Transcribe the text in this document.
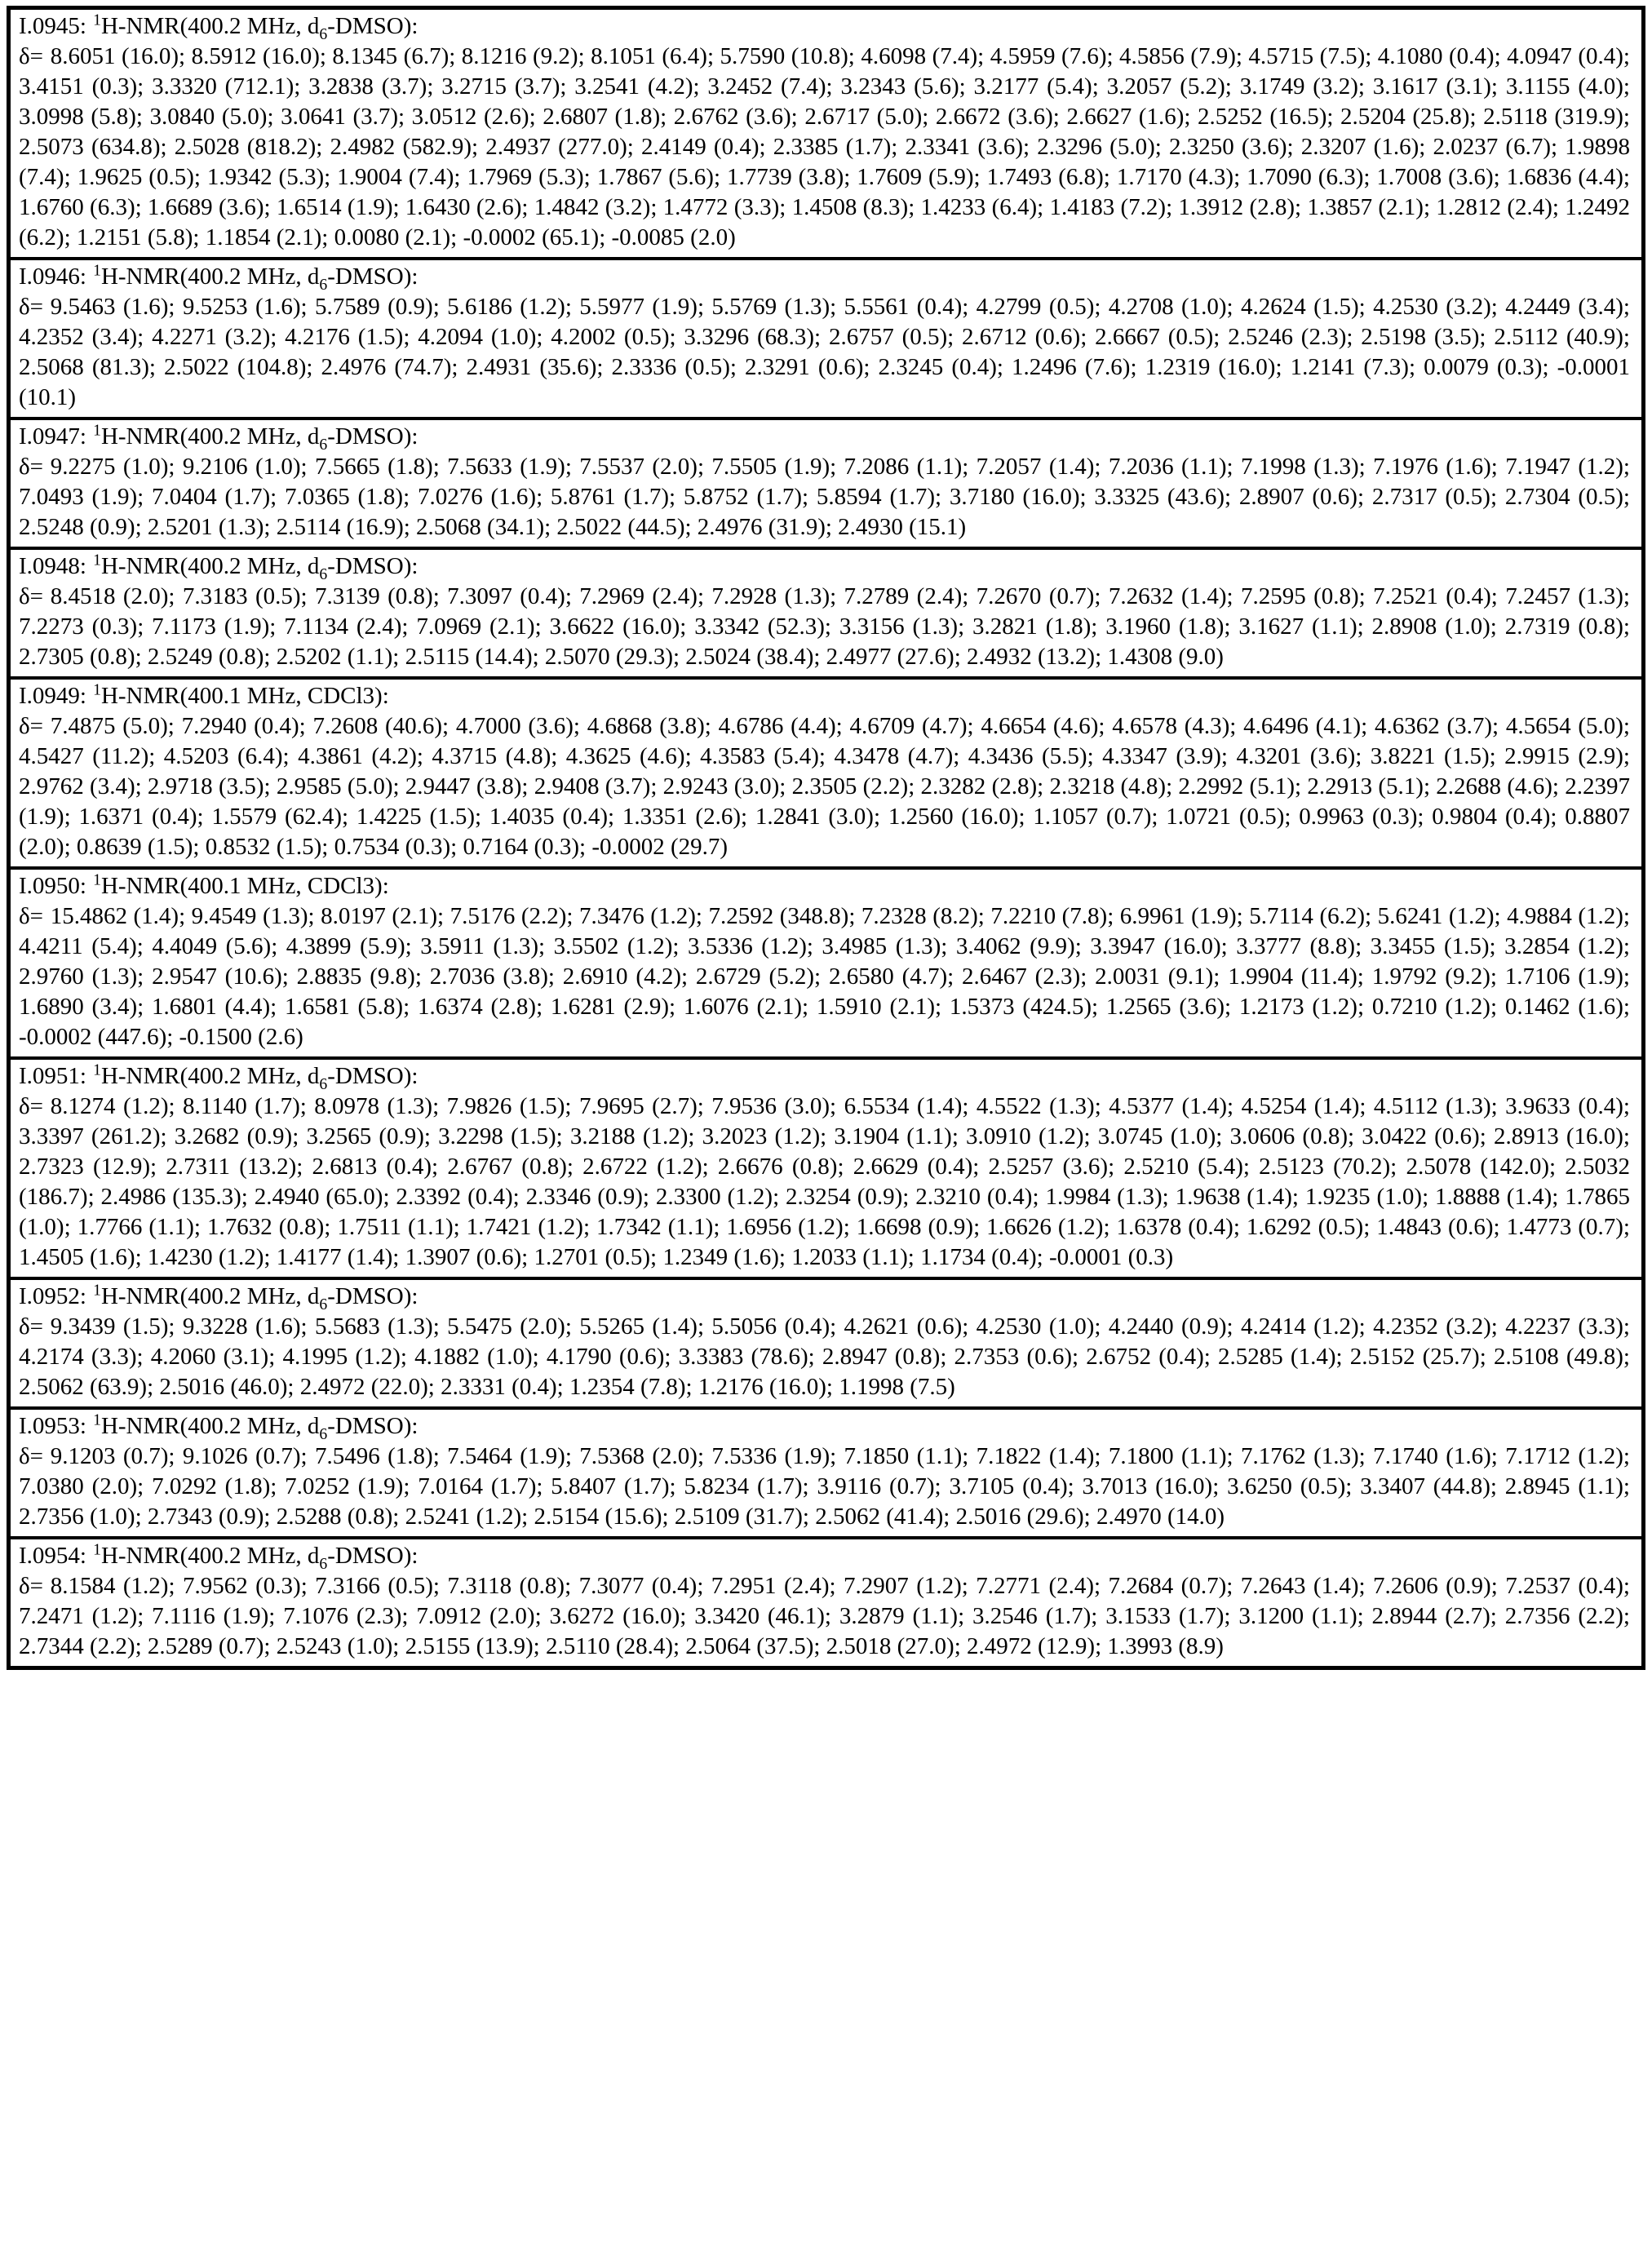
I.0945: $^1$H-NMR(400.2 MHz, $d_6-DMSO$):
δ= 8.6051 (16.0); 8.5912 (16.0); 8.1345 (6.7); 8.1216 (9.2); 8.1051 (6.4); 5.7590 (10.8); 4.6098 (7.4); 4.5959 (7.6); 4.5856 (7.9); 4.5715 (7.5); 4.1080 (0.4); 4.0947 (0.4); 3.4151 (0.3); 3.3320 (712.1); 3.2838 (3.7); 3.2715 (3.7); 3.2541 (4.2); 3.2452 (7.4); 3.2343 (5.6); 3.2177 (5.4); 3.2057 (5.2); 3.1749 (3.2); 3.1617 (3.1); 3.1155 (4.0); 3.0998 (5.8); 3.0840 (5.0); 3.0641 (3.7); 3.0512 (2.6); 2.6807 (1.8); 2.6762 (3.6); 2.6717 (5.0); 2.6672 (3.6); 2.6627 (1.6); 2.5252 (16.5); 2.5204 (25.8); 2.5118 (319.9); 2.5073 (634.8); 2.5028 (818.2); 2.4982 (582.9); 2.4937 (277.0); 2.4149 (0.4); 2.3385 (1.7); 2.3341 (3.6); 2.3296 (5.0); 2.3250 (3.6); 2.3207 (1.6); 2.0237 (6.7); 1.9898 (7.4); 1.9625 (0.5); 1.9342 (5.3); 1.9004 (7.4); 1.7969 (5.3); 1.7867 (5.6); 1.7739 (3.8); 1.7609 (5.9); 1.7493 (6.8); 1.7170 (4.3); 1.7090 (6.3); 1.7008 (3.6); 1.6836 (4.4); 1.6760 (6.3); 1.6689 (3.6); 1.6514 (1.9); 1.6430 (2.6); 1.4842 (3.2); 1.4772 (3.3); 1.4508 (8.3); 1.4233 (6.4); 1.4183 (7.2); 1.3912 (2.8); 1.3857 (2.1); 1.2812 (2.4); 1.2492 (6.2); 1.2151 (5.8); 1.1854 (2.1); 0.0080 (2.1); -0.0002 (65.1); -0.0085 (2.0)
I.0946: $^1$H-NMR(400.2 MHz, $d_6-DMSO$):
δ= 9.5463 (1.6); 9.5253 (1.6); 5.7589 (0.9); 5.6186 (1.2); 5.5977 (1.9); 5.5769 (1.3); 5.5561 (0.4); 4.2799 (0.5); 4.2708 (1.0); 4.2624 (1.5); 4.2530 (3.2); 4.2449 (3.4); 4.2352 (3.4); 4.2271 (3.2); 4.2176 (1.5); 4.2094 (1.0); 4.2002 (0.5); 3.3296 (68.3); 2.6757 (0.5); 2.6712 (0.6); 2.6667 (0.5); 2.5246 (2.3); 2.5198 (3.5); 2.5112 (40.9); 2.5068 (81.3); 2.5022 (104.8); 2.4976 (74.7); 2.4931 (35.6); 2.3336 (0.5); 2.3291 (0.6); 2.3245 (0.4); 1.2496 (7.6); 1.2319 (16.0); 1.2141 (7.3); 0.0079 (0.3); -0.0001 (10.1)
I.0947: $^1$H-NMR(400.2 MHz, $d_6-DMSO$):
δ= 9.2275 (1.0); 9.2106 (1.0); 7.5665 (1.8); 7.5633 (1.9); 7.5537 (2.0); 7.5505 (1.9); 7.2086 (1.1); 7.2057 (1.4); 7.2036 (1.1); 7.1998 (1.3); 7.1976 (1.6); 7.1947 (1.2); 7.0493 (1.9); 7.0404 (1.7); 7.0365 (1.8); 7.0276 (1.6); 5.8761 (1.7); 5.8752 (1.7); 5.8594 (1.7); 3.7180 (16.0); 3.3325 (43.6); 2.8907 (0.6); 2.7317 (0.5); 2.7304 (0.5); 2.5248 (0.9); 2.5201 (1.3); 2.5114 (16.9); 2.5068 (34.1); 2.5022 (44.5); 2.4976 (31.9); 2.4930 (15.1)
I.0948: $^1$H-NMR(400.2 MHz, $d_6-DMSO$):
δ= 8.4518 (2.0); 7.3183 (0.5); 7.3139 (0.8); 7.3097 (0.4); 7.2969 (2.4); 7.2928 (1.3); 7.2789 (2.4); 7.2670 (0.7); 7.2632 (1.4); 7.2595 (0.8); 7.2521 (0.4); 7.2457 (1.3); 7.2273 (0.3); 7.1173 (1.9); 7.1134 (2.4); 7.0969 (2.1); 3.6622 (16.0); 3.3342 (52.3); 3.3156 (1.3); 3.2821 (1.8); 3.1960 (1.8); 3.1627 (1.1); 2.8908 (1.0); 2.7319 (0.8); 2.7305 (0.8); 2.5249 (0.8); 2.5202 (1.1); 2.5115 (14.4); 2.5070 (29.3); 2.5024 (38.4); 2.4977 (27.6); 2.4932 (13.2); 1.4308 (9.0)
I.0949: $^1$H-NMR(400.1 MHz, CDCl3):
δ= 7.4875 (5.0); 7.2940 (0.4); 7.2608 (40.6); 4.7000 (3.6); 4.6868 (3.8); 4.6786 (4.4); 4.6709 (4.7); 4.6654 (4.6); 4.6578 (4.3); 4.6496 (4.1); 4.6362 (3.7); 4.5654 (5.0); 4.5427 (11.2); 4.5203 (6.4); 4.3861 (4.2); 4.3715 (4.8); 4.3625 (4.6); 4.3583 (5.4); 4.3478 (4.7); 4.3436 (5.5); 4.3347 (3.9); 4.3201 (3.6); 3.8221 (1.5); 2.9915 (2.9); 2.9762 (3.4); 2.9718 (3.5); 2.9585 (5.0); 2.9447 (3.8); 2.9408 (3.7); 2.9243 (3.0); 2.3505 (2.2); 2.3282 (2.8); 2.3218 (4.8); 2.2992 (5.1); 2.2913 (5.1); 2.2688 (4.6); 2.2397 (1.9); 1.6371 (0.4); 1.5579 (62.4); 1.4225 (1.5); 1.4035 (0.4); 1.3351 (2.6); 1.2841 (3.0); 1.2560 (16.0); 1.1057 (0.7); 1.0721 (0.5); 0.9963 (0.3); 0.9804 (0.4); 0.8807 (2.0); 0.8639 (1.5); 0.8532 (1.5); 0.7534 (0.3); 0.7164 (0.3); -0.0002 (29.7)
I.0950: $^1$H-NMR(400.1 MHz, CDCl3):
δ= 15.4862 (1.4); 9.4549 (1.3); 8.0197 (2.1); 7.5176 (2.2); 7.3476 (1.2); 7.2592 (348.8); 7.2328 (8.2); 7.2210 (7.8); 6.9961 (1.9); 5.7114 (6.2); 5.6241 (1.2); 4.9884 (1.2); 4.4211 (5.4); 4.4049 (5.6); 4.3899 (5.9); 3.5911 (1.3); 3.5502 (1.2); 3.5336 (1.2); 3.4985 (1.3); 3.4062 (9.9); 3.3947 (16.0); 3.3777 (8.8); 3.3455 (1.5); 3.2854 (1.2); 2.9760 (1.3); 2.9547 (10.6); 2.8835 (9.8); 2.7036 (3.8); 2.6910 (4.2); 2.6729 (5.2); 2.6580 (4.7); 2.6467 (2.3); 2.0031 (9.1); 1.9904 (11.4); 1.9792 (9.2); 1.7106 (1.9); 1.6890 (3.4); 1.6801 (4.4); 1.6581 (5.8); 1.6374 (2.8); 1.6281 (2.9); 1.6076 (2.1); 1.5910 (2.1); 1.5373 (424.5); 1.2565 (3.6); 1.2173 (1.2); 0.7210 (1.2); 0.1462 (1.6); -0.0002 (447.6); -0.1500 (2.6)
I.0951: $^1$H-NMR(400.2 MHz, $d_6-DMSO$):
δ= 8.1274 (1.2); 8.1140 (1.7); 8.0978 (1.3); 7.9826 (1.5); 7.9695 (2.7); 7.9536 (3.0); 6.5534 (1.4); 4.5522 (1.3); 4.5377 (1.4); 4.5254 (1.4); 4.5112 (1.3); 3.9633 (0.4); 3.3397 (261.2); 3.2682 (0.9); 3.2565 (0.9); 3.2298 (1.5); 3.2188 (1.2); 3.2023 (1.2); 3.1904 (1.1); 3.0910 (1.2); 3.0745 (1.0); 3.0606 (0.8); 3.0422 (0.6); 2.8913 (16.0); 2.7323 (12.9); 2.7311 (13.2); 2.6813 (0.4); 2.6767 (0.8); 2.6722 (1.2); 2.6676 (0.8); 2.6629 (0.4); 2.5257 (3.6); 2.5210 (5.4); 2.5123 (70.2); 2.5078 (142.0); 2.5032 (186.7); 2.4986 (135.3); 2.4940 (65.0); 2.3392 (0.4); 2.3346 (0.9); 2.3300 (1.2); 2.3254 (0.9); 2.3210 (0.4); 1.9984 (1.3); 1.9638 (1.4); 1.9235 (1.0); 1.8888 (1.4); 1.7865 (1.0); 1.7766 (1.1); 1.7632 (0.8); 1.7511 (1.1); 1.7421 (1.2); 1.7342 (1.1); 1.6956 (1.2); 1.6698 (0.9); 1.6626 (1.2); 1.6378 (0.4); 1.6292 (0.5); 1.4843 (0.6); 1.4773 (0.7); 1.4505 (1.6); 1.4230 (1.2); 1.4177 (1.4); 1.3907 (0.6); 1.2701 (0.5); 1.2349 (1.6); 1.2033 (1.1); 1.1734 (0.4); -0.0001 (0.3)
I.0952: $^1$H-NMR(400.2 MHz, $d_6-DMSO$):
δ= 9.3439 (1.5); 9.3228 (1.6); 5.5683 (1.3); 5.5475 (2.0); 5.5265 (1.4); 5.5056 (0.4); 4.2621 (0.6); 4.2530 (1.0); 4.2440 (0.9); 4.2414 (1.2); 4.2352 (3.2); 4.2237 (3.3); 4.2174 (3.3); 4.2060 (3.1); 4.1995 (1.2); 4.1882 (1.0); 4.1790 (0.6); 3.3383 (78.6); 2.8947 (0.8); 2.7353 (0.6); 2.6752 (0.4); 2.5285 (1.4); 2.5152 (25.7); 2.5108 (49.8); 2.5062 (63.9); 2.5016 (46.0); 2.4972 (22.0); 2.3331 (0.4); 1.2354 (7.8); 1.2176 (16.0); 1.1998 (7.5)
I.0953: $^1$H-NMR(400.2 MHz, $d_6-DMSO$):
δ= 9.1203 (0.7); 9.1026 (0.7); 7.5496 (1.8); 7.5464 (1.9); 7.5368 (2.0); 7.5336 (1.9); 7.1850 (1.1); 7.1822 (1.4); 7.1800 (1.1); 7.1762 (1.3); 7.1740 (1.6); 7.1712 (1.2); 7.0380 (2.0); 7.0292 (1.8); 7.0252 (1.9); 7.0164 (1.7); 5.8407 (1.7); 5.8234 (1.7); 3.9116 (0.7); 3.7105 (0.4); 3.7013 (16.0); 3.6250 (0.5); 3.3407 (44.8); 2.8945 (1.1); 2.7356 (1.0); 2.7343 (0.9); 2.5288 (0.8); 2.5241 (1.2); 2.5154 (15.6); 2.5109 (31.7); 2.5062 (41.4); 2.5016 (29.6); 2.4970 (14.0)
I.0954: $^1$H-NMR(400.2 MHz, $d_6-DMSO$):
δ= 8.1584 (1.2); 7.9562 (0.3); 7.3166 (0.5); 7.3118 (0.8); 7.3077 (0.4); 7.2951 (2.4); 7.2907 (1.2); 7.2771 (2.4); 7.2684 (0.7); 7.2643 (1.4); 7.2606 (0.9); 7.2537 (0.4); 7.2471 (1.2); 7.1116 (1.9); 7.1076 (2.3); 7.0912 (2.0); 3.6272 (16.0); 3.3420 (46.1); 3.2879 (1.1); 3.2546 (1.7); 3.1533 (1.7); 3.1200 (1.1); 2.8944 (2.7); 2.7356 (2.2); 2.7344 (2.2); 2.5289 (0.7); 2.5243 (1.0); 2.5155 (13.9); 2.5110 (28.4); 2.5064 (37.5); 2.5018 (27.0); 2.4972 (12.9); 1.3993 (8.9)
